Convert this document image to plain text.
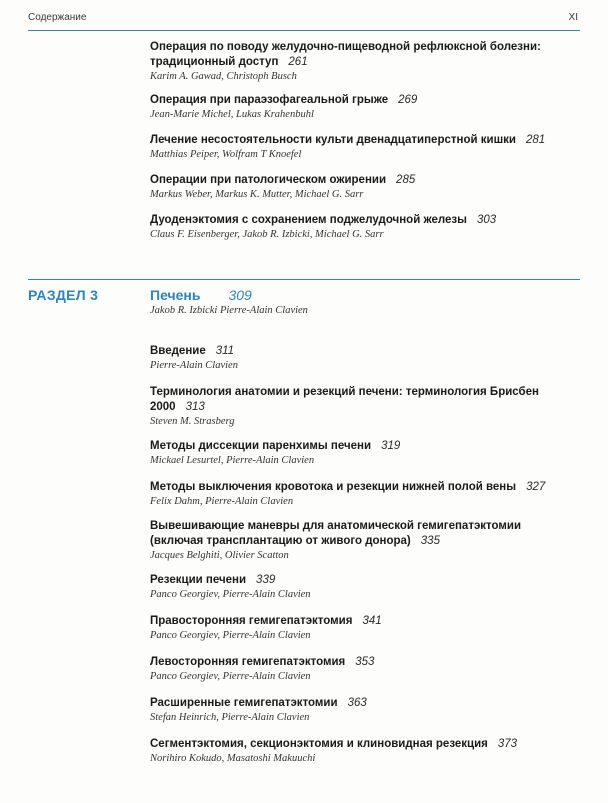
Содержание	XI
Операция по поводу желудочно-пищеводной рефлюксной болезни: традиционный доступ 261
Karim A. Gawad, Christoph Busch
Операция при параэзофагеальной грыже 269
Jean-Marie Michel, Lukas Krahenbuhl
Лечение несостоятельности культи двенадцатиперстной кишки 281
Matthias Peiper, Wolfram T Knoefel
Операции при патологическом ожирении 285
Markus Weber, Markus K. Mutter, Michael G. Sarr
Дуоденэктомия с сохранением поджелудочной железы 303
Claus F. Eisenberger, Jakob R. Izbicki, Michael G. Sarr
РАЗДЕЛ 3	Печень 309
Jakob R. Izbicki Pierre-Alain Clavien
Введение 311
Pierre-Alain Clavien
Терминология анатомии и резекций печени: терминология Брисбен 2000 313
Steven M. Strasberg
Методы диссекции паренхимы печени 319
Mickael Lesurtel, Pierre-Alain Clavien
Методы выключения кровотока и резекции нижней полой вены 327
Felix Dahm, Pierre-Alain Clavien
Вывешивающие маневры для анатомической гемигепатэктомии (включая трансплантацию от живого донора) 335
Jacques Belghiti, Olivier Scatton
Резекции печени 339
Panco Georgiev, Pierre-Alain Clavien
Правосторонняя гемигепатэктомия 341
Panco Georgiev, Pierre-Alain Clavien
Левосторонняя гемигепатэктомия 353
Panco Georgiev, Pierre-Alain Clavien
Расширенные гемигепатэктомии 363
Stefan Heinrich, Pierre-Alain Clavien
Сегментэктомия, секционэктомия и клиновидная резекция 373
Norihiro Kokudo, Masatoshi Makuuchi
